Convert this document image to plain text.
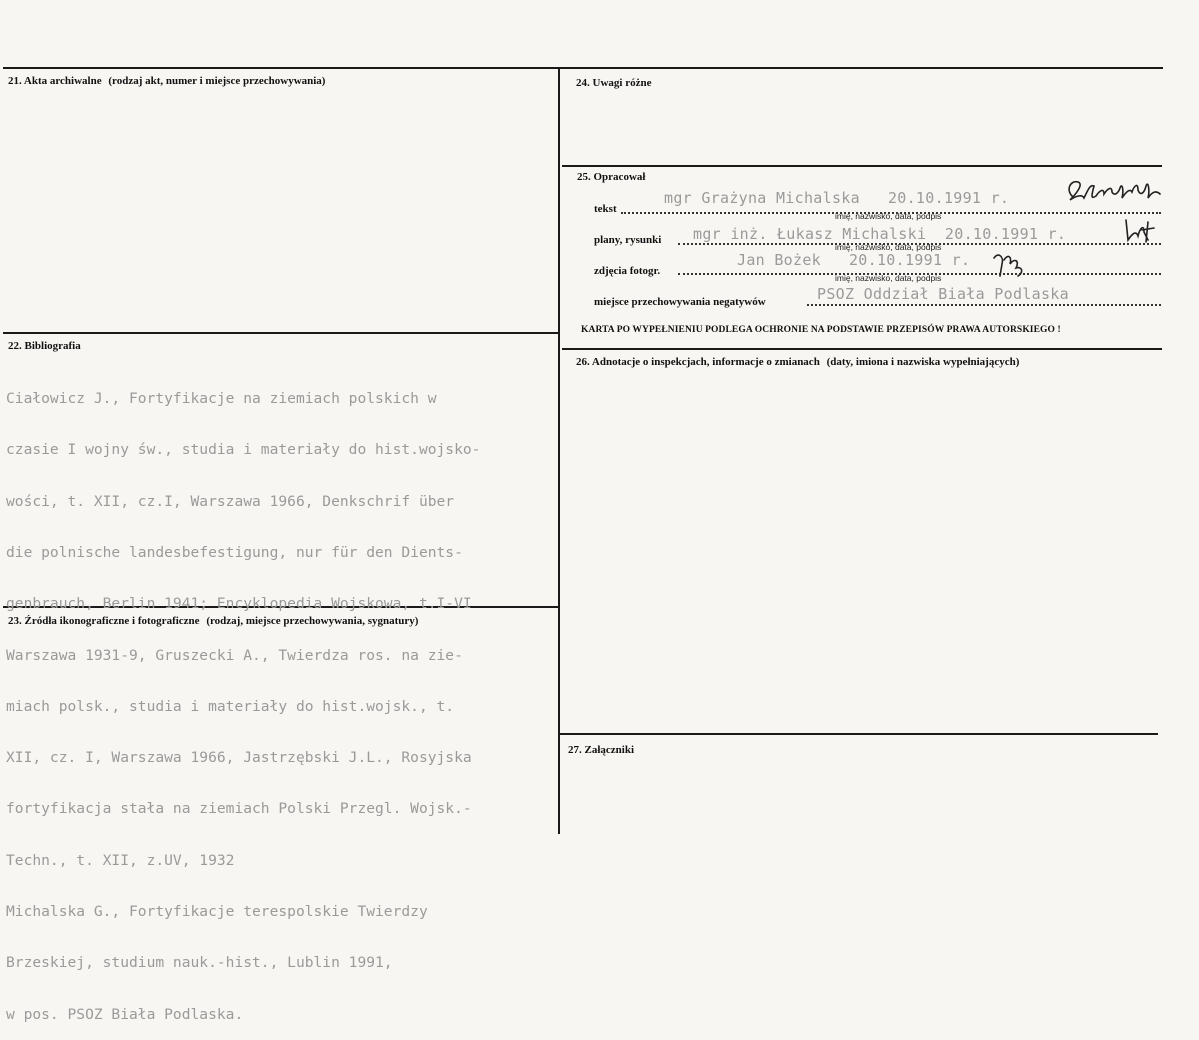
21. Akta archiwalne (rodzaj akt, numer i miejsce przechowywania)
22. Bibliografia

Ciałowicz J., Fortyfikacje na ziemiach polskich w

czasie I wojny św., studia i materiały do hist.wojsko-

wości, t. XII, cz.I, Warszawa 1966, Denkschrif über

die polnische landesbefestigung, nur für den Dients-

genbrauch, Berlin 1941; Encyklopedia Wojskowa, t.I-VI

Warszawa 1931-9, Gruszecki A., Twierdza ros. na zie-

miach polsk., studia i materiały do hist.wojsk., t.

XII, cz. I, Warszawa 1966, Jastrzębski J.L., Rosyjska

fortyfikacja stała na ziemiach Polski Przegl. Wojsk.-

Techn., t. XII, z.UV, 1932

Michalska G., Fortyfikacje terespolskie Twierdzy

Brzeskiej, studium nauk.-hist., Lublin 1991,

w pos. PSOZ Biała Podlaska.

23. Źródła ikonograficzne i fotograficzne (rodzaj, miejsce przechowywania, sygnatury)
24. Uwagi różne
25. Opracował
tekst
mgr Grażyna Michalska   20.10.1991 r.
imię, nazwisko, data, podpis
plany, rysunki mgr inż. Łukasz Michalski  20.10.1991 r.
imię, nazwisko, data, podpis
zdjęcia fotogr.
Jan Bożek   20.10.1991 r.
imię, nazwisko, data, podpis
miejsce przechowywania negatywów	PSOZ Oddział Biała Podlaska
KARTA PO WYPEŁNIENIU PODLEGA OCHRONIE NA PODSTAWIE PRZEPISÓW PRAWA AUTORSKIEGO !
26. Adnotacje o inspekcjach, informacje o zmianach (daty, imiona i nazwiska wypełniających)
27. Załączniki
